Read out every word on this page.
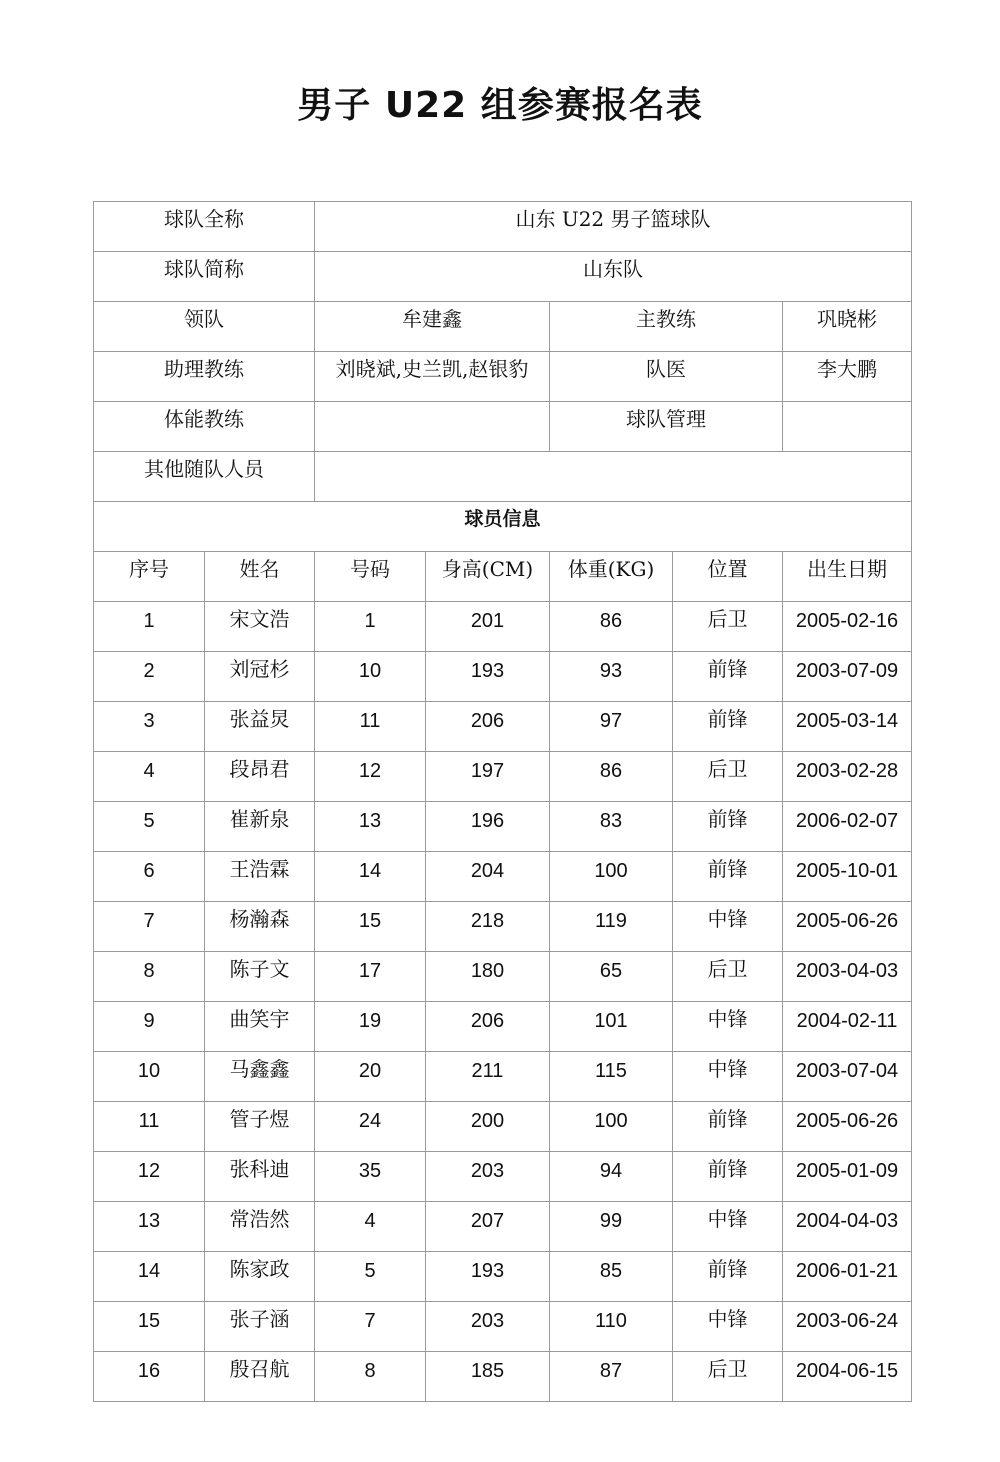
男子 U22 组参赛报名表
球队全称		山东 U22 男子篮球队				

球队简称		山东队				

领队		牟建鑫		主教练		巩晓彬

助理教练		刘晓斌,史兰凯,赵银豹		队医		李大鹏

体能教练				球队管理		

其他随队人员						

球员信息						

序号	姓名	号码	身高(CM)	体重(KG)	位置	出生日期

1	宋文浩	1	201	86	后卫	2005-02-16

2	刘冠杉	10	193	93	前锋	2003-07-09

3	张益炅	11	206	97	前锋	2005-03-14

4	段昂君	12	197	86	后卫	2003-02-28

5	崔新泉	13	196	83	前锋	2006-02-07

6	王浩霖	14	204	100	前锋	2005-10-01

7	杨瀚森	15	218	119	中锋	2005-06-26

8	陈子文	17	180	65	后卫	2003-04-03

9	曲笑宇	19	206	101	中锋	2004-02-11

10	马鑫鑫	20	211	115	中锋	2003-07-04

11	管子煜	24	200	100	前锋	2005-06-26

12	张科迪	35	203	94	前锋	2005-01-09

13	常浩然	4	207	99	中锋	2004-04-03

14	陈家政	5	193	85	前锋	2006-01-21

15	张子涵	7	203	110	中锋	2003-06-24

16	殷召航	8	185	87	后卫	2004-06-15
